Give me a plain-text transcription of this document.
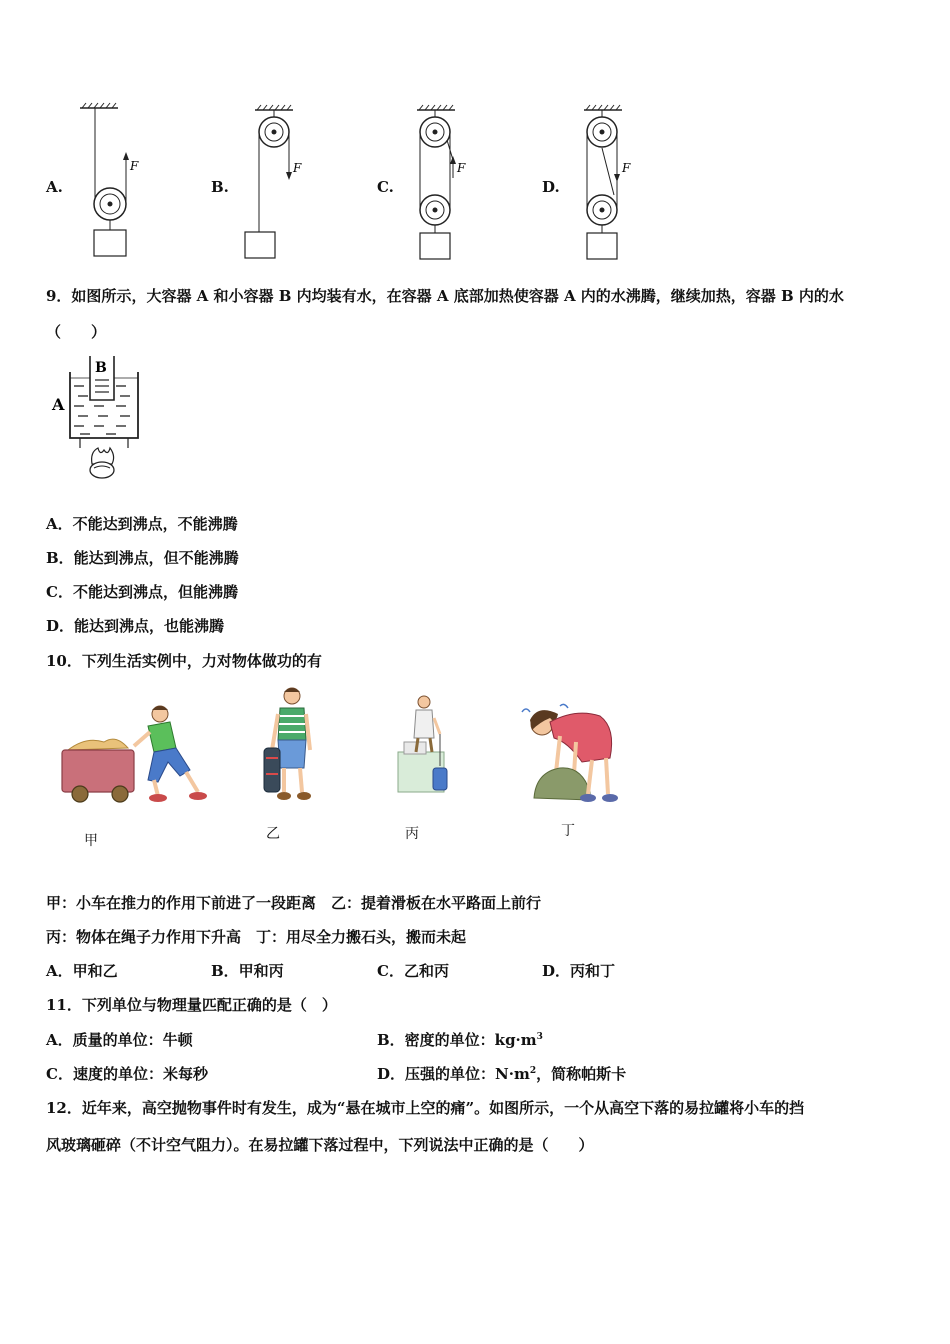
A.	B.	C.	D.
F	F	F	F
9．如图所示，大容器 A 和小容器 B 内均装有水，在容器 A 底部加热使容器 A 内的水沸腾，继续加热，容器 B 内的水
（　　）
A
B
A．不能达到沸点，不能沸腾
B．能达到沸点，但不能沸腾
C．不能达到沸点，但能沸腾
D．能达到沸点，也能沸腾
10．下列生活实例中，力对物体做功的有
甲	乙	丙	丁
甲：小车在推力的作用下前进了一段距离　乙：提着滑板在水平路面上前行
丙：物体在绳子力作用下升高　丁：用尽全力搬石头，搬而未起
A．甲和乙	B．甲和丙	C．乙和丙	D．丙和丁
11．下列单位与物理量匹配正确的是（　）
A．质量的单位：牛顿	B．密度的单位：$kg\cdot m^3$
C．速度的单位：米每秒	D．压强的单位：$N\cdot m^2$，简称帕斯卡
12．近年来，高空抛物事件时有发生，成为“悬在城市上空的痛”。如图所示，一个从高空下落的易拉罐将小车的挡
风玻璃砸碎（不计空气阻力）。在易拉罐下落过程中，下列说法中正确的是（　　）
